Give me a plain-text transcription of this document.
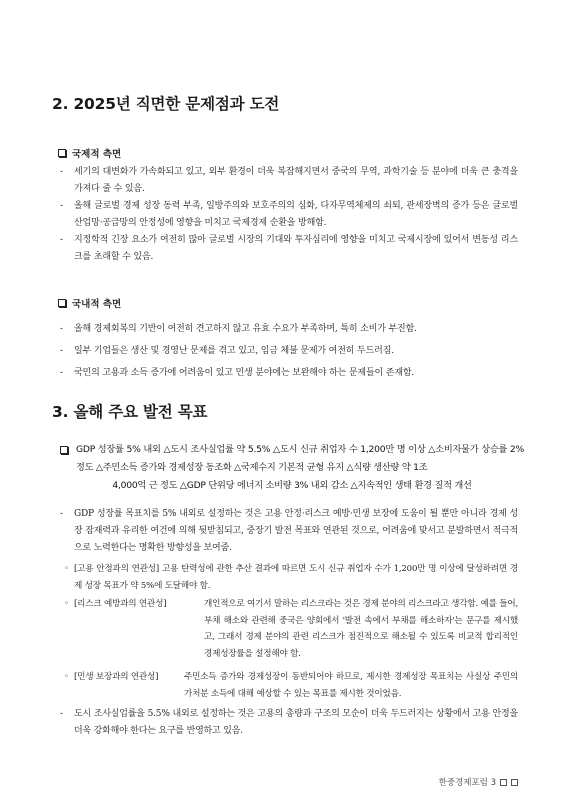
2. 2025년 직면한 문제점과 도전
국제적 측면
- 세기의 대변화가 가속화되고 있고, 외부 환경이 더욱 복잡해지면서 중국의 무역, 과학기술 등 분야에 더욱 큰 충격을 가져다 줄 수 있음.
- 올해 글로벌 경제 성장 동력 부족, 일방주의와 보호주의의 심화, 다자무역체제의 쇠퇴, 관세장벽의 증가 등은 글로벌 산업망·공급망의 안정성에 영향을 미치고 국제경제 순환을 방해함.
- 지정학적 긴장 요소가 여전히 많아 글로벌 시장의 기대와 투자심리에 영향을 미치고 국제시장에 있어서 변동성 리스크를 초래할 수 있음.
국내적 측면
- 올해 경제회복의 기반이 여전히 견고하지 않고 유효 수요가 부족하며, 특히 소비가 부진함.
- 일부 기업들은 생산 및 경영난 문제를 겪고 있고, 임금 체불 문제가 여전히 두드러짐.
- 국민의 고용과 소득 증가에 어려움이 있고 민생 분야에는 보완해야 하는 문제들이 존재함.
3. 올해 주요 발전 목표
GDP 성장률 5% 내외 △도시 조사실업률 약 5.5% △도시 신규 취업자 수 1,200만 명 이상 △소비자물가 상승률 2% 정도 △주민소득 증가와 경제성장 동조화 △국제수지 기본적 균형 유지 △식량 생산량 약 1조
4,000억 근 정도 △GDP 단위당 에너지 소비량 3% 내외 감소 △지속적인 생태 환경 질적 개선
- GDP 성장률 목표치를 5% 내외로 설정하는 것은 고용 안정·리스크 예방·민생 보장에 도움이 될 뿐만 아니라 경제 성장 잠재력과 유리한 여건에 의해 뒷받침되고, 중장기 발전 목표와 연관된 것으로, 어려움에 맞서고 분발하면서 적극적으로 노력한다는 명확한 방향성을 보여줌.
◦ [고용 안정과의 연관성] 고용 탄력성에 관한 추산 결과에 따르면 도시 신규 취업자 수가 1,200만 명 이상에 달성하려면 경제 성장 목표가 약 5%에 도달해야 함.
◦ [리스크 예방과의 연관성]	개인적으로 여기서 말하는 리스크라는 것은 경제 분야의 리스크라고 생각함. 예를 들어, 부채 해소와 관련해 중국은 양회에서 '발전 속에서 부채를 해소하자'는 문구를 제시했고, 그래서 경제 분야의 관련 리스크가 점진적으로 해소될 수 있도록 비교적 합리적인 경제성장률을 설정해야 함.
◦ [민생 보장과의 연관성]	주민소득 증가와 경제성장이 동반되어야 하므로, 제시한 경제성장 목표치는 사실상 주민의 가처분 소득에 대해 예상할 수 있는 목표를 제시한 것이었음.
- 도시 조사실업률을 5.5% 내외로 설정하는 것은 고용의 총량과 구조의 모순이 더욱 두드러지는 상황에서 고용 안정을 더욱 강화해야 한다는 요구를 반영하고 있음.
한중경제포럼 3
